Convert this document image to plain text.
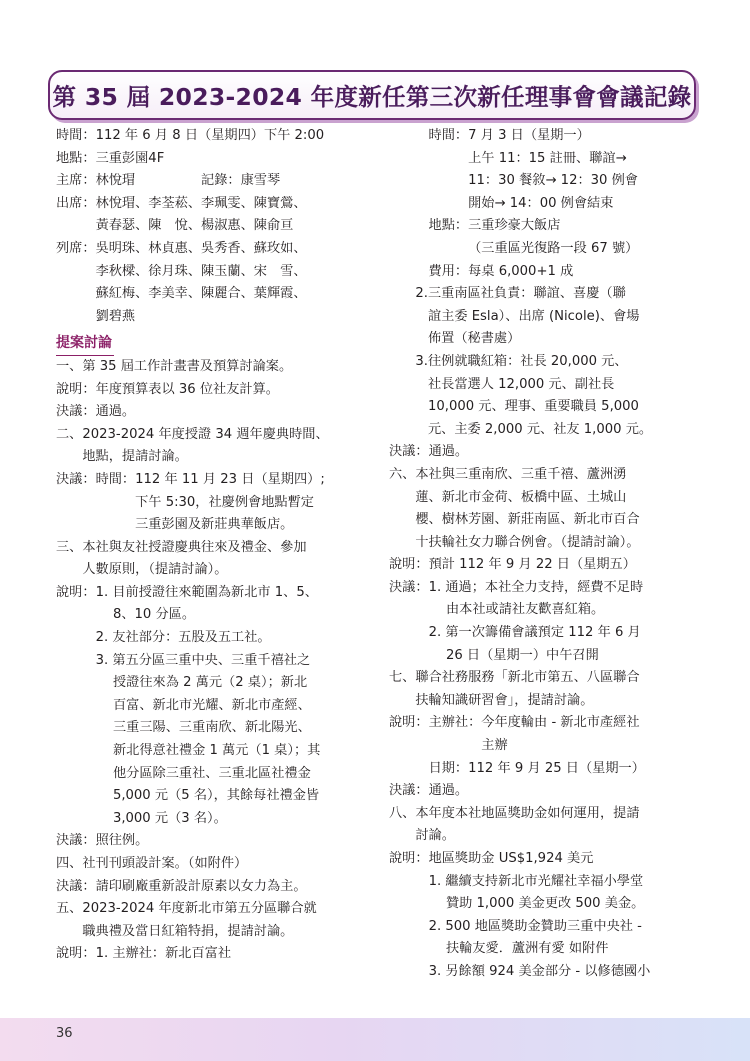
第 35 屆 2023-2024 年度新任第三次新任理事會會議記錄
時間： 112 年 6 月 8 日（星期四）下午 2:00
地點： 三重彭園4F
主席： 林悅瑁　　　　　記錄：康雪琴
出席： 林悅瑁、李荃菘、李珮雯、陳寶鶯、
黃春瑟、陳　悅、楊淑惠、陳俞亘
列席： 吳明珠、林貞惠、吳秀香、蘇玫如、
李秋樑、徐月珠、陳玉蘭、宋　雪、
蘇紅梅、李美幸、陳麗合、葉輝霞、
劉碧燕
提案討論
一、 第 35 屆工作計畫書及預算討論案。
說明： 年度預算表以 36 位社友計算。
決議： 通過。
二、 2023-2024 年度授證 34 週年慶典時間、
地點，提請討論。
決議： 時間：112 年 11 月 23 日（星期四）;
　　　下午 5:30，社慶例會地點暫定
　　　三重彭園及新莊典華飯店。
三、 本社與友社授證慶典往來及禮金、參加
人數原則，（提請討論）。
說明： 1. 目前授證往來範圍為新北市 1、5、
　 8、10 分區。
2. 友社部分：五股及五工社。
3. 第五分區三重中央、三重千禧社之
　 授證往來為 2 萬元（2 桌）；新北
　 百富、新北市光耀、新北市產經、
　 三重三陽、三重南欣、新北陽光、
　 新北得意社禮金 1 萬元（1 桌）；其
　 他分區除三重社、三重北區社禮金
　 5,000 元（5 名），其餘每社禮金皆
　 3,000 元（3 名）。
決議： 照往例。
四、 社刊刊頭設計案。（如附件）
決議： 請印刷廠重新設計原素以女力為主。
五、 2023-2024 年度新北市第五分區聯合就
職典禮及當日紅箱特捐，提請討論。
說明： 1. 主辦社：新北百富社
　　　時間： 7 月 3 日（星期一）
上午 11：15 註冊、聯誼→
11：30 餐敘→ 12：30 例會
開始→ 14：00 例會結束
　　　地點： 三重珍豪大飯店
（三重區光復路一段 67 號）
　　　費用： 每桌 6,000+1 成
　　2. 三重南區社負責：聯誼、喜慶（聯
誼主委 Esla）、出席 (Nicole)、會場
佈置（秘書處）
　　3. 往例就職紅箱：社長 20,000 元、
社長當選人 12,000 元、副社長
10,000 元、理事、重要職員 5,000
元、主委 2,000 元、社友 1,000 元。
決議： 通過。
六、 本社與三重南欣、三重千禧、蘆洲湧
蓮、新北市金荷、板橋中區、土城山
櫻、樹林芳園、新莊南區、新北市百合
十扶輪社女力聯合例會。（提請討論）。
說明： 預計 112 年 9 月 22 日（星期五）
決議： 1. 通過；本社全力支持，經費不足時
　 由本社或請社友歡喜紅箱。
2. 第一次籌備會議預定 112 年 6 月
　 26 日（星期一）中午召開
七、 聯合社務服務「新北市第五、八區聯合
扶輪知識研習會」，提請討論。
說明： 主辦社：今年度輪由 - 新北市產經社
　　　　主辦
日期：112 年 9 月 25 日（星期一）
決議： 通過。
八、 本年度本社地區獎助金如何運用，提請
討論。
說明： 地區獎助金 US$1,924 美元
1. 繼續支持新北市光耀社幸福小學堂
　 贊助 1,000 美金更改 500 美金。
2. 500 地區獎助金贊助三重中央社 -
　 扶輪友愛．蘆洲有愛 如附件
3. 另餘額 924 美金部分 - 以修德國小
36
